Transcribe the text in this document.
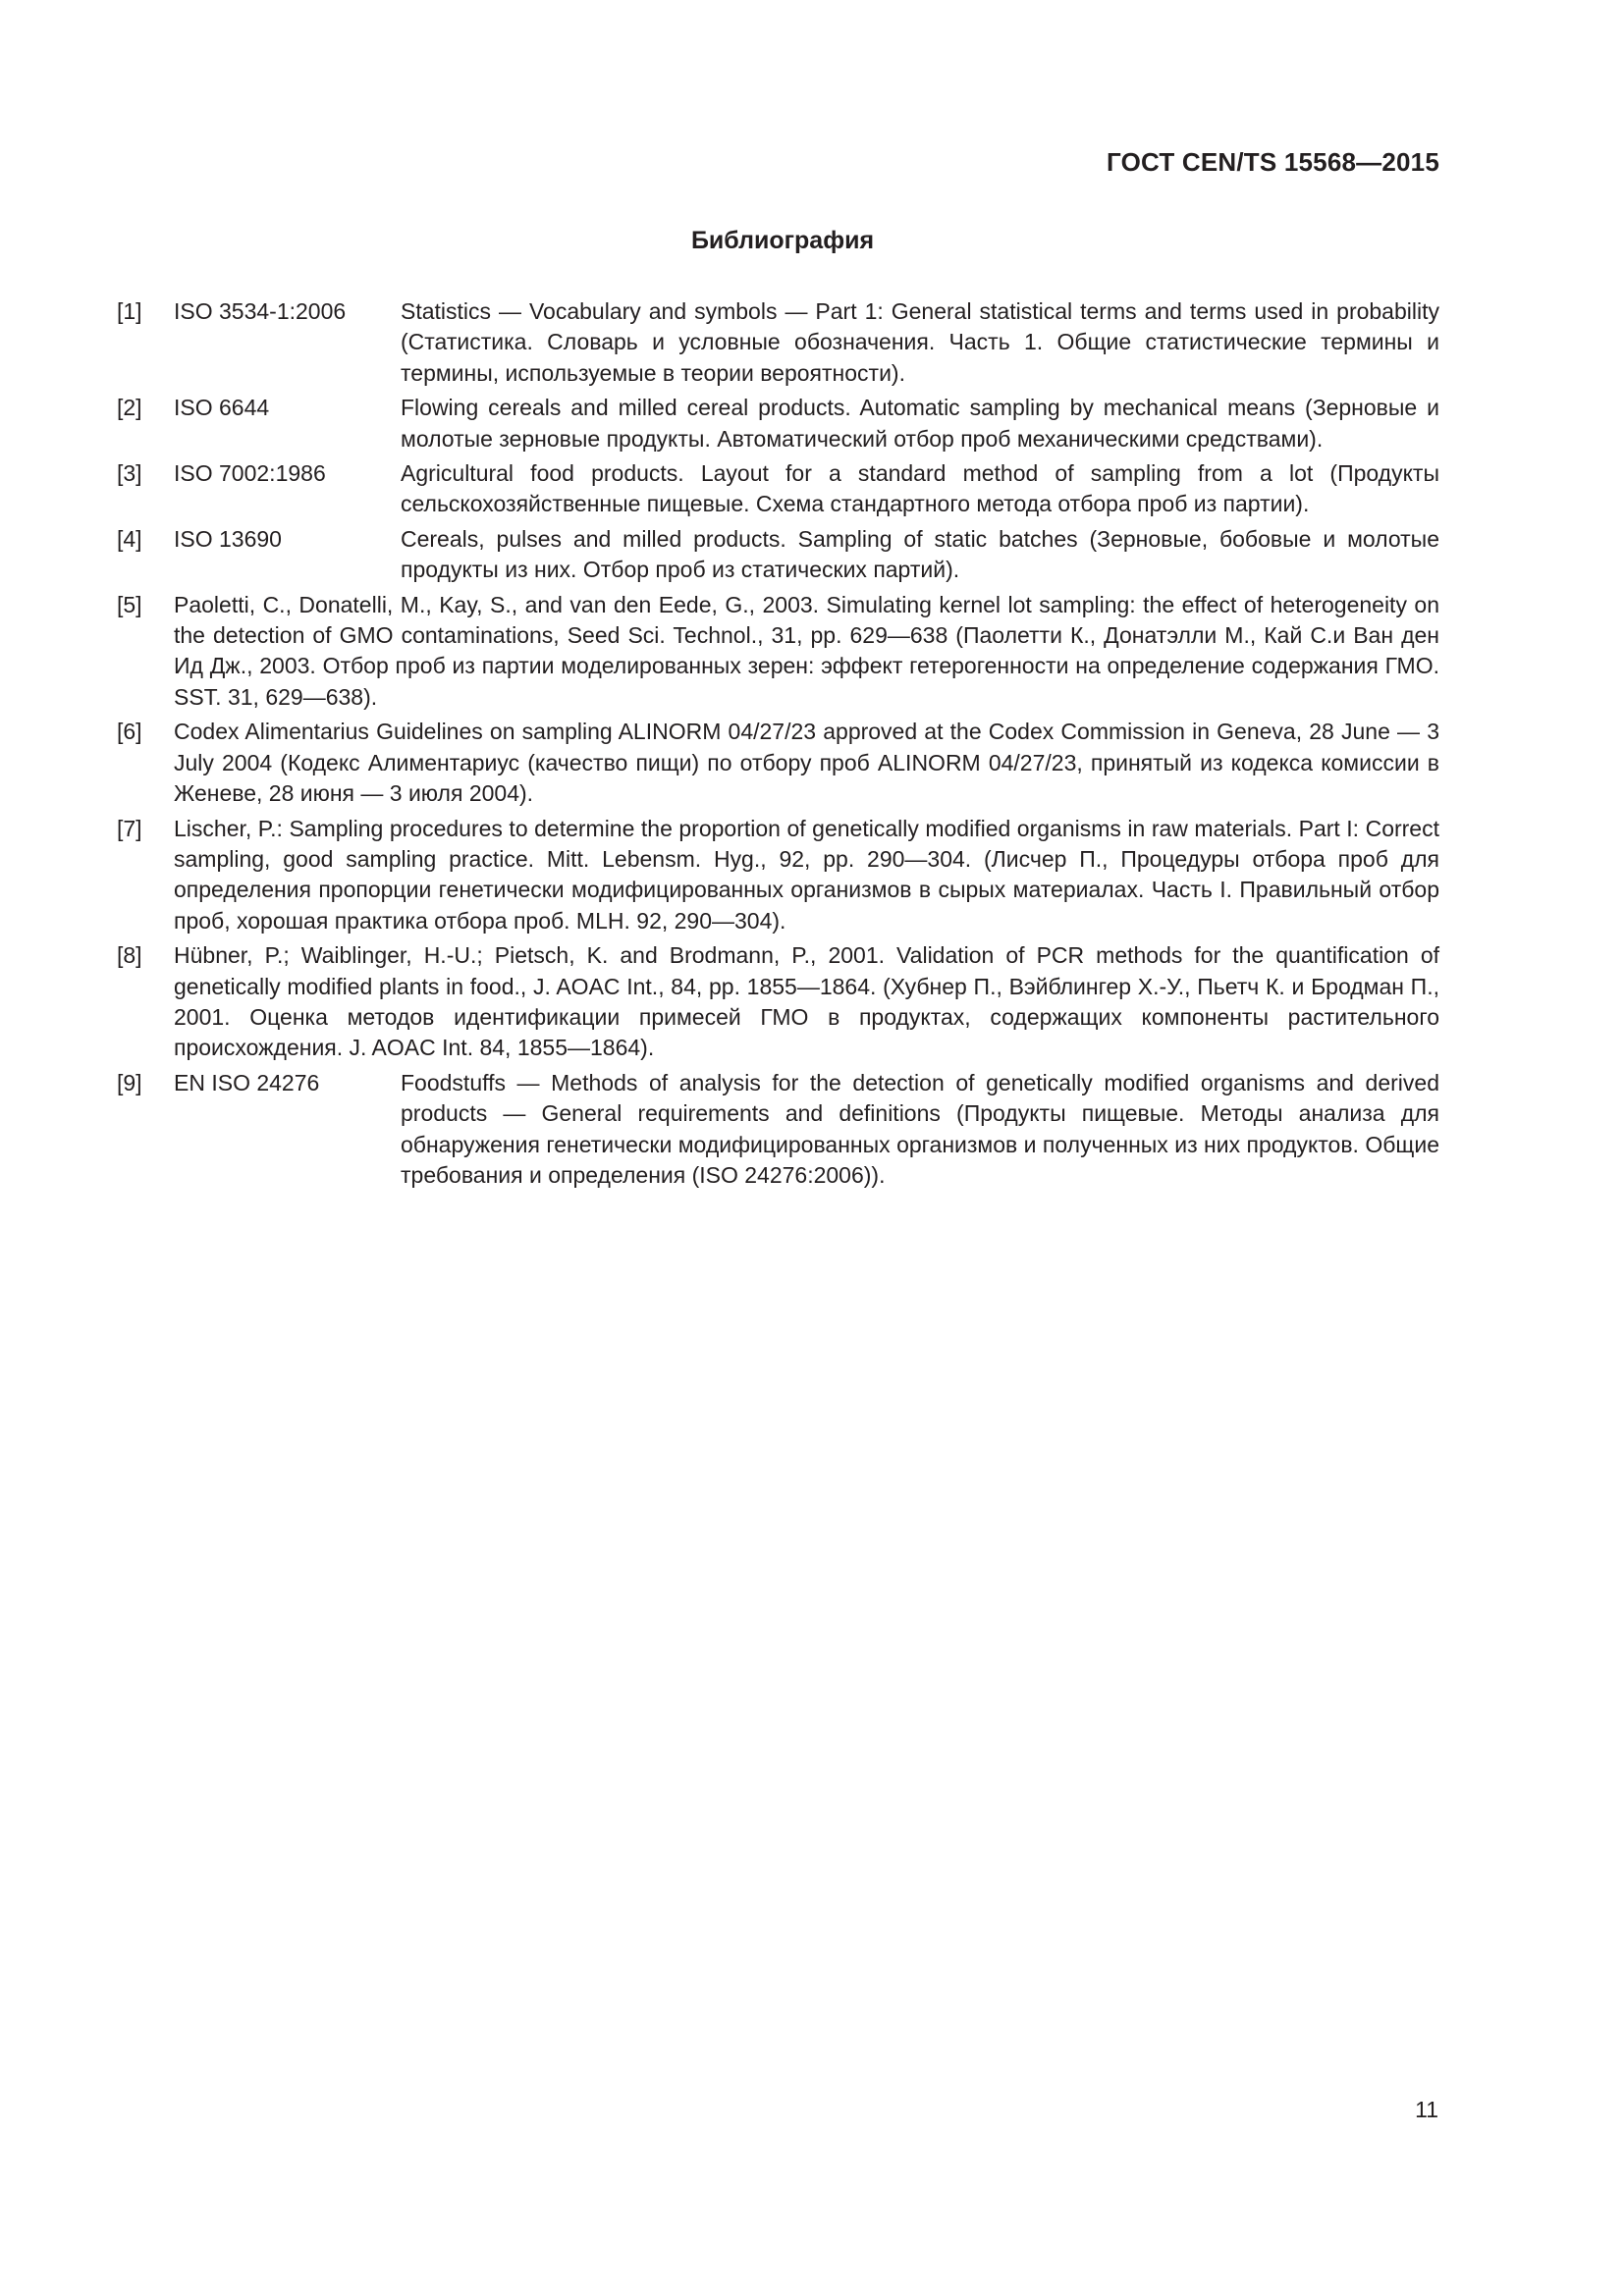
ГОСТ CEN/TS 15568—2015
Библиография
[1]	ISO 3534-1:2006	Statistics — Vocabulary and symbols — Part 1: General statistical terms and terms used in probability (Статистика. Словарь и условные обозначения. Часть 1. Общие статистические термины и термины, используемые в теории вероятности).
[2]	ISO 6644	Flowing cereals and milled cereal products. Automatic sampling by mechanical means (Зерновые и молотые зерновые продукты. Автоматический отбор проб механическими средствами).
[3]	ISO 7002:1986	Agricultural food products. Layout for a standard method of sampling from a lot (Продукты сельскохозяйственные пищевые. Схема стандартного метода отбора проб из партии).
[4]	ISO 13690	Cereals, pulses and milled products. Sampling of static batches (Зерновые, бобовые и молотые продукты из них. Отбор проб из статических партий).
[5]	Paoletti, C., Donatelli, M., Kay, S., and van den Eede, G., 2003. Simulating kernel lot sampling: the effect of heterogeneity on the detection of GMO contaminations, Seed Sci. Technol., 31, pp. 629—638 (Паолетти К., Донатэлли М., Кай С.и Ван ден Ид Дж., 2003. Отбор проб из партии моделированных зерен: эффект гетерогенности на определение содержания ГМО. SST. 31, 629—638).
[6]	Codex Alimentarius Guidelines on sampling ALINORM 04/27/23 approved at the Codex Commission in Geneva, 28 June — 3 July 2004 (Кодекс Алиментариус (качество пищи) по отбору проб ALINORM 04/27/23, принятый из кодекса комиссии в Женеве, 28 июня — 3 июля 2004).
[7]	Lischer, P.: Sampling procedures to determine the proportion of genetically modified organisms in raw materials. Part I: Correct sampling, good sampling practice. Mitt. Lebensm. Hyg., 92, pp. 290—304. (Лисчер П., Процедуры отбора проб для определения пропорции генетически модифицированных организмов в сырых материалах. Часть I. Правильный отбор проб, хорошая практика отбора проб. MLH. 92, 290—304).
[8]	Hübner, P.; Waiblinger, H.-U.; Pietsch, K. and Brodmann, P., 2001. Validation of PCR methods for the quantification of genetically modified plants in food., J. AOAC Int., 84, pp. 1855—1864. (Хубнер П., Вэйблингер Х.-У., Пьетч К. и Бродман П., 2001. Оценка методов идентификации примесей ГМО в продуктах, содержащих компоненты растительного происхождения. J. AOAC Int. 84, 1855—1864).
[9]	EN ISO 24276	Foodstuffs — Methods of analysis for the detection of genetically modified organisms and derived products — General requirements and definitions (Продукты пищевые. Методы анализа для обнаружения генетически модифицированных организмов и полученных из них продуктов. Общие требования и определения (ISO 24276:2006)).
11
